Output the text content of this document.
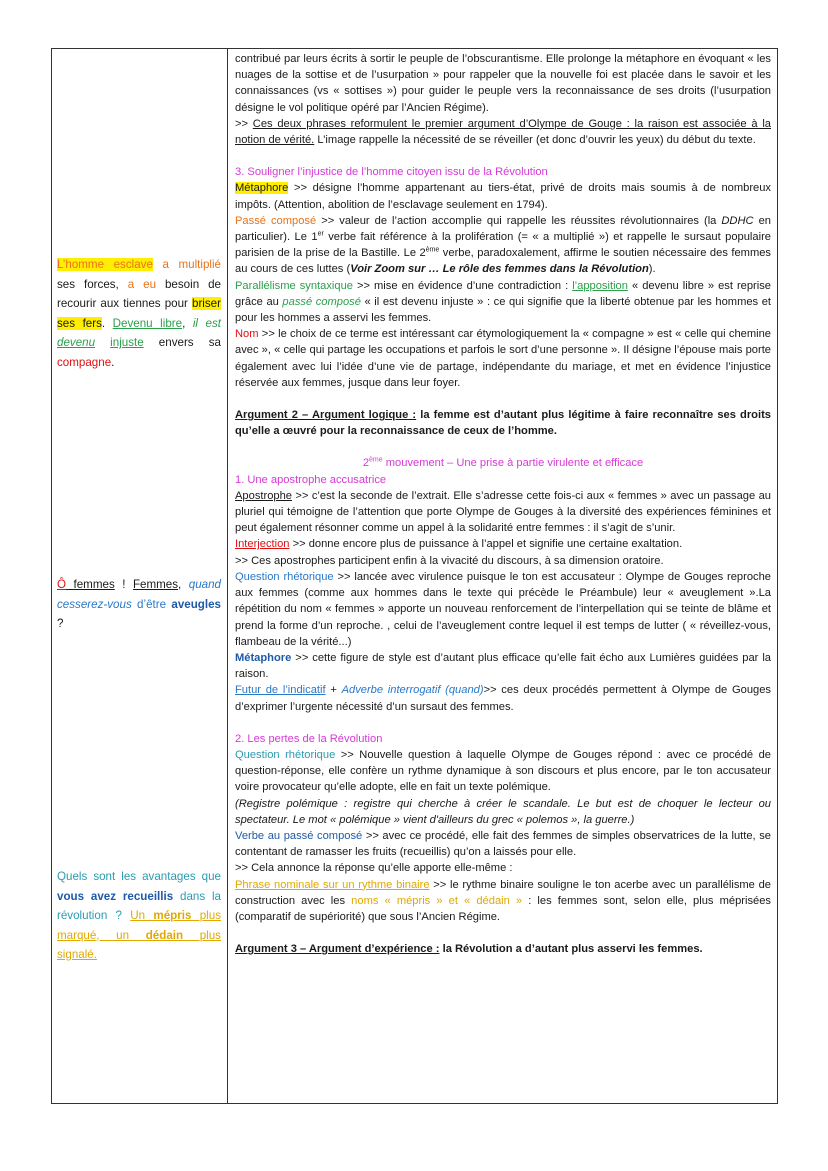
L’homme esclave a multiplié ses forces, a eu besoin de recourir aux tiennes pour briser ses fers. Devenu libre, il est devenu injuste envers sa compagne.
Ô femmes ! Femmes, quand cesserez-vous d’être aveugles ?
Quels sont les avantages que vous avez recueillis dans la révolution ? Un mépris plus marqué, un dédain plus signalé.

contribué par leurs écrits à sortir le peuple de l’obscurantisme. Elle prolonge la métaphore en évoquant « les nuages de la sottise et de l’usurpation » pour rappeler que la nouvelle foi est placée dans le savoir et les connaissances (vs « sottises ») pour guider le peuple vers la reconnaissance de ses droits (l’usurpation désigne le vol politique opéré par l’Ancien Régime).

>> Ces deux phrases reformulent le premier argument d’Olympe de Gouge : la raison est associée à la notion de vérité. L’image rappelle la nécessité de se réveiller (et donc d’ouvrir les yeux) du début du texte.

3. Souligner l’injustice de l’homme citoyen issu de la Révolution

Métaphore >> désigne l’homme appartenant au tiers-état, privé de droits mais soumis à de nombreux impôts. (Attention, abolition de l’esclavage seulement en 1794).

Passé composé >> valeur de l’action accomplie qui rappelle les réussites révolutionnaires (la DDHC en particulier). Le 1er verbe fait référence à la prolifération (= « a multiplié ») et rappelle le sursaut populaire parisien de la prise de la Bastille. Le 2ème verbe, paradoxalement, affirme le soutien nécessaire des femmes au cours de ces luttes (Voir Zoom sur … Le rôle des femmes dans la Révolution).

Parallélisme syntaxique >> mise en évidence d’une contradiction : l’apposition « devenu libre » est reprise grâce au passé composé « il est devenu injuste » : ce qui signifie que la liberté obtenue par les hommes et pour les hommes a asservi les femmes.

Nom >> le choix de ce terme est intéressant car étymologiquement la « compagne » est « celle qui chemine avec », « celle qui partage les occupations et parfois le sort d’une personne ». Il désigne l’épouse mais porte également avec lui l’idée d’une vie de partage, indépendante du mariage, et met en évidence l’injustice réservée aux femmes, jusque dans leur foyer.

Argument 2 – Argument logique : la femme est d’autant plus légitime à faire reconnaître ses droits qu’elle a œuvré pour la reconnaissance de ceux de l’homme.

2ème mouvement – Une prise à partie virulente et efficace

1. Une apostrophe accusatrice

Apostrophe >> c’est la seconde de l’extrait. Elle s’adresse cette fois-ci aux « femmes » avec un passage au pluriel qui témoigne de l’attention que porte Olympe de Gouges à la diversité des expériences féminines et peut également résonner comme un appel à la solidarité entre femmes : il s’agit de s’unir.

Interjection >> donne encore plus de puissance à l’appel et signifie une certaine exaltation.

>> Ces apostrophes participent enfin à la vivacité du discours, à sa dimension oratoire.

Question rhétorique >> lancée avec virulence puisque le ton est accusateur : Olympe de Gouges reproche aux femmes (comme aux hommes dans le texte qui précède le Préambule) leur « aveuglement ».La répétition du nom « femmes » apporte un nouveau renforcement de l’interpellation qui se teinte de blâme et prend la forme d’un reproche. , celui de l’aveuglement contre lequel il est temps de lutter ( « réveillez-vous, flambeau de la vérité...)

Métaphore >> cette figure de style est d’autant plus efficace qu’elle fait écho aux Lumières guidées par la raison.

Futur de l’indicatif + Adverbe interrogatif (quand)>> ces deux procédés permettent à Olympe de Gouges d’exprimer l’urgente nécessité d’un sursaut des femmes.

2. Les pertes de la Révolution

Question rhétorique >> Nouvelle question à laquelle Olympe de Gouges répond : avec ce procédé de question-réponse, elle confère un rythme dynamique à son discours et plus encore, par le ton accusateur voire provocateur qu’elle adopte, elle en fait un texte polémique.

(Registre polémique : registre qui cherche à créer le scandale. Le but est de choquer le lecteur ou spectateur. Le mot « polémique » vient d'ailleurs du grec « polemos », la guerre.)

Verbe au passé composé >> avec ce procédé, elle fait des femmes de simples observatrices de la lutte, se contentant de ramasser les fruits (recueillis) qu’on a laissés pour elle.

>> Cela annonce la réponse qu’elle apporte elle-même :

Phrase nominale sur un rythme binaire >> le rythme binaire souligne le ton acerbe avec un parallélisme de construction avec les noms « mépris » et « dédain » : les femmes sont, selon elle, plus méprisées (comparatif de supériorité) que sous l’Ancien Régime.

Argument 3 – Argument d’expérience : la Révolution a d’autant plus asservi les femmes.
